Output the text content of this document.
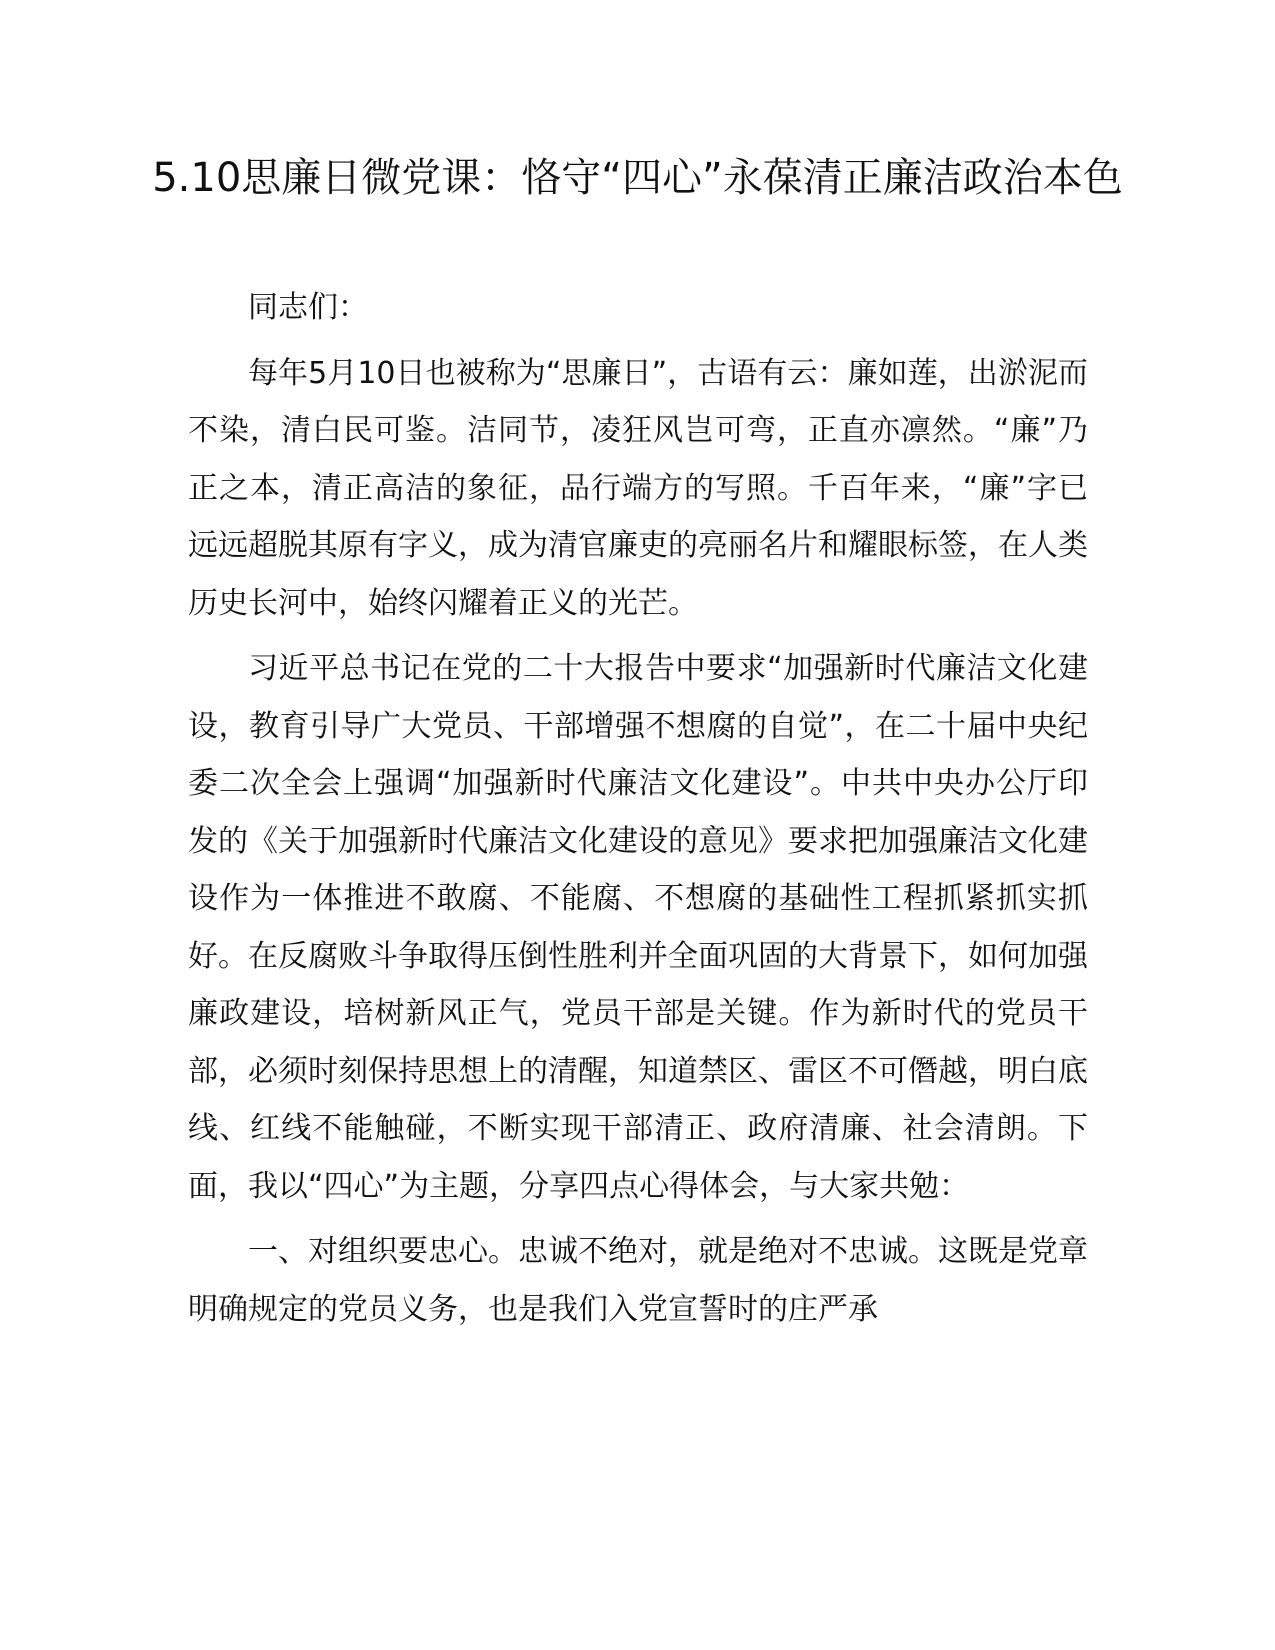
5.10思廉日微党课：恪守“四心”永葆清正廉洁政治本色

同志们：

每年5月10日也被称为“思廉日”，古语有云：廉如莲，出淤泥而不染，清白民可鉴。洁同节，凌狂风岂可弯，正直亦凛然。“廉”乃正之本，清正高洁的象征，品行端方的写照。千百年来，“廉”字已远远超脱其原有字义，成为清官廉吏的亮丽名片和耀眼标签，在人类历史长河中，始终闪耀着正义的光芒。

习近平总书记在党的二十大报告中要求“加强新时代廉洁文化建设，教育引导广大党员、干部增强不想腐的自觉”，在二十届中央纪委二次全会上强调“加强新时代廉洁文化建设”。中共中央办公厅印发的《关于加强新时代廉洁文化建设的意见》要求把加强廉洁文化建设作为一体推进不敢腐、不能腐、不想腐的基础性工程抓紧抓实抓好。在反腐败斗争取得压倒性胜利并全面巩固的大背景下，如何加强廉政建设，培树新风正气，党员干部是关键。作为新时代的党员干部，必须时刻保持思想上的清醒，知道禁区、雷区不可僭越，明白底线、红线不能触碰，不断实现干部清正、政府清廉、社会清朗。下面，我以“四心”为主题，分享四点心得体会，与大家共勉：

一、对组织要忠心。忠诚不绝对，就是绝对不忠诚。这既是党章明确规定的党员义务，也是我们入党宣誓时的庄严承
